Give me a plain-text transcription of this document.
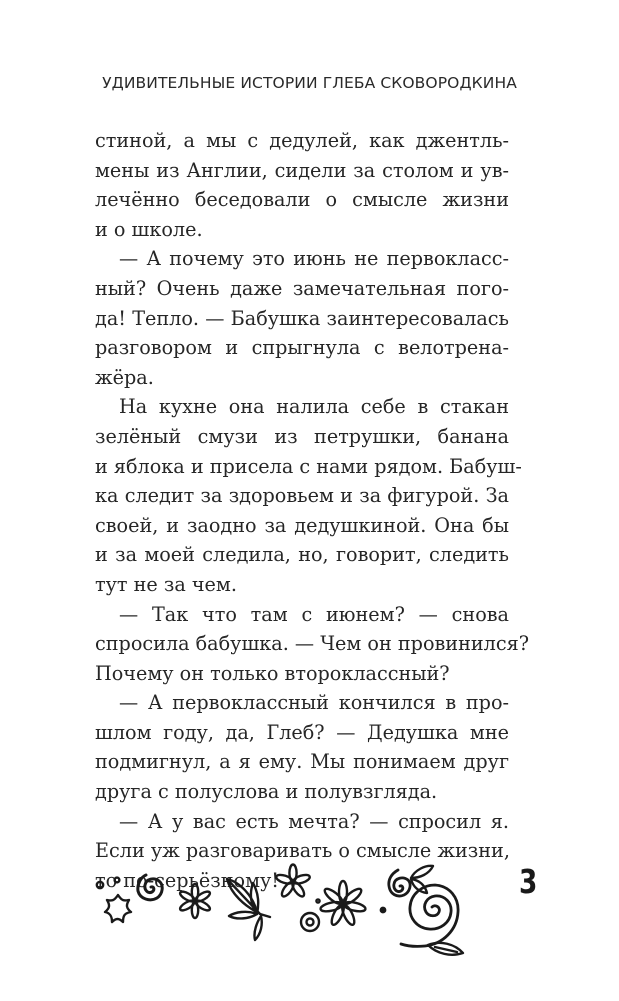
УДИВИТЕЛЬНЫЕ ИСТОРИИ ГЛЕБА СКОВОРОДКИНА
стиной, а мы с дедулей, как джентль-
мены из Англии, сидели за столом и ув-
лечённо беседовали о смысле жизни
и о школе.
— А почему это июнь не первокласс-
ный? Очень даже замечательная пого-
да! Тепло. — Бабушка заинтересовалась
разговором и спрыгнула с велотрена-
жёра.
На кухне она налила себе в стакан
зелёный смузи из петрушки, банана
и яблока и присела с нами рядом. Бабуш-
ка следит за здоровьем и за фигурой. За
своей, и заодно за дедушкиной. Она бы
и за моей следила, но, говорит, следить
тут не за чем.
— Так что там с июнем? — снова
спросила бабушка. — Чем он провинился?
Почему он только второклассный?
— А первоклассный кончился в про-
шлом году, да, Глеб? — Дедушка мне
подмигнул, а я ему. Мы понимаем друг
друга с полуслова и полувзгляда.
— А у вас есть мечта? — спросил я.
Если уж разговаривать о смысле жизни,
то по-серьёзному!	3
